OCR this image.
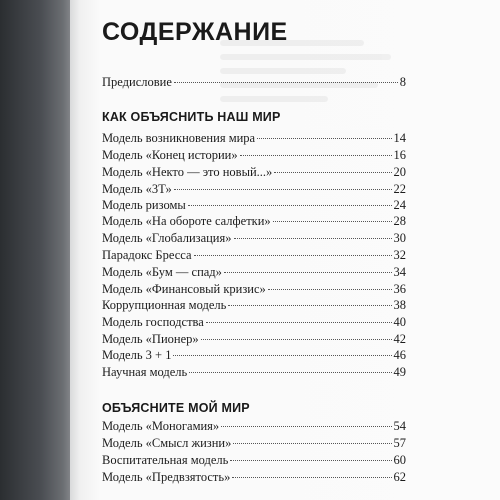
СОДЕРЖАНИЕ
Предисловие	8
КАК ОБЪЯСНИТЬ НАШ МИР
Модель возникновения мира	14
Модель «Конец истории»	16
Модель «Некто — это новый...»	20
Модель «3Т»	22
Модель ризомы	24
Модель «На обороте салфетки»	28
Модель «Глобализация»	30
Парадокс Бресса	32
Модель «Бум — спад»	34
Модель «Финансовый кризис»	36
Коррупционная модель	38
Модель господства	40
Модель «Пионер»	42
Модель 3 + 1	46
Научная модель	49
ОБЪЯСНИТЕ МОЙ МИР
Модель «Моногамия»	54
Модель «Смысл жизни»	57
Воспитательная модель	60
Модель «Предвзятость»	62
